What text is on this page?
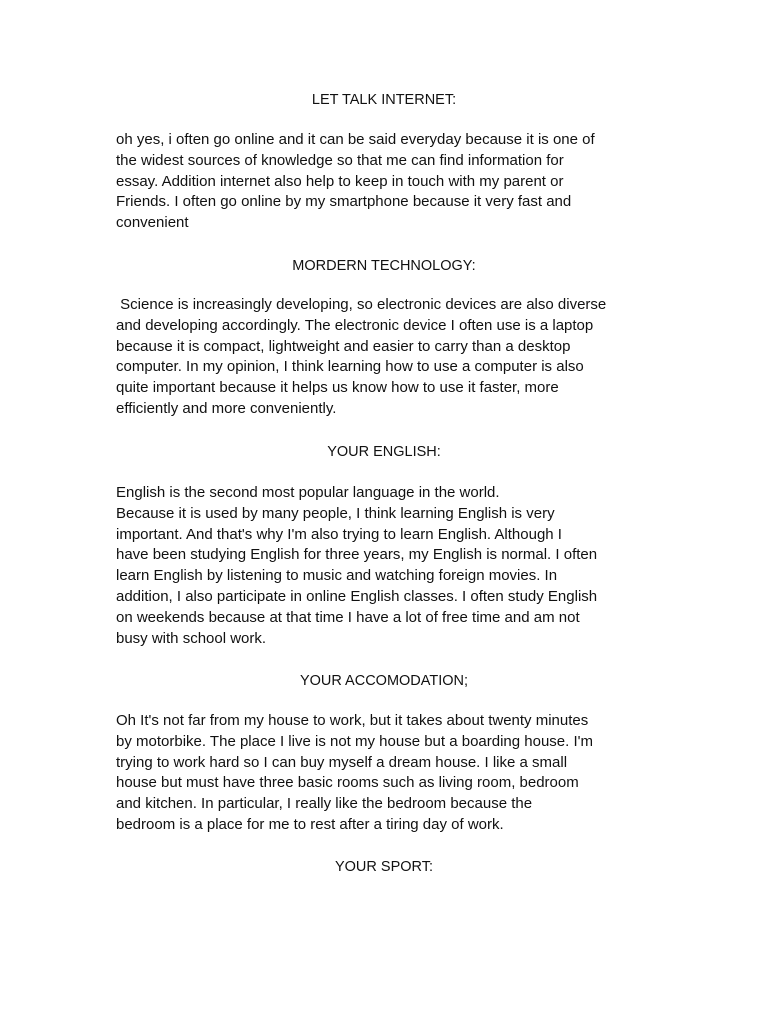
LET TALK INTERNET:

oh yes, i often go online and it can be said everyday because it is one of
the widest sources of knowledge so that me can find information for
essay. Addition internet also help to keep in touch with my parent or
Friends. I often go online by my smartphone because it very fast and
convenient

MORDERN TECHNOLOGY:

Science is increasingly developing, so electronic devices are also diverse
and developing accordingly. The electronic device I often use is a laptop
because it is compact, lightweight and easier to carry than a desktop
computer. In my opinion, I think learning how to use a computer is also
quite important because it helps us know how to use it faster, more
efficiently and more conveniently.

YOUR ENGLISH:

English is the second most popular language in the world.
Because it is used by many people, I think learning English is very
important. And that's why I'm also trying to learn English. Although I
have been studying English for three years, my English is normal. I often
learn English by listening to music and watching foreign movies. In
addition, I also participate in online English classes. I often study English
on weekends because at that time I have a lot of free time and am not
busy with school work.

YOUR ACCOMODATION;

Oh It's not far from my house to work, but it takes about twenty minutes
by motorbike. The place I live is not my house but a boarding house. I'm
trying to work hard so I can buy myself a dream house. I like a small
house but must have three basic rooms such as living room, bedroom
and kitchen. In particular, I really like the bedroom because the
bedroom is a place for me to rest after a tiring day of work.

YOUR SPORT:
